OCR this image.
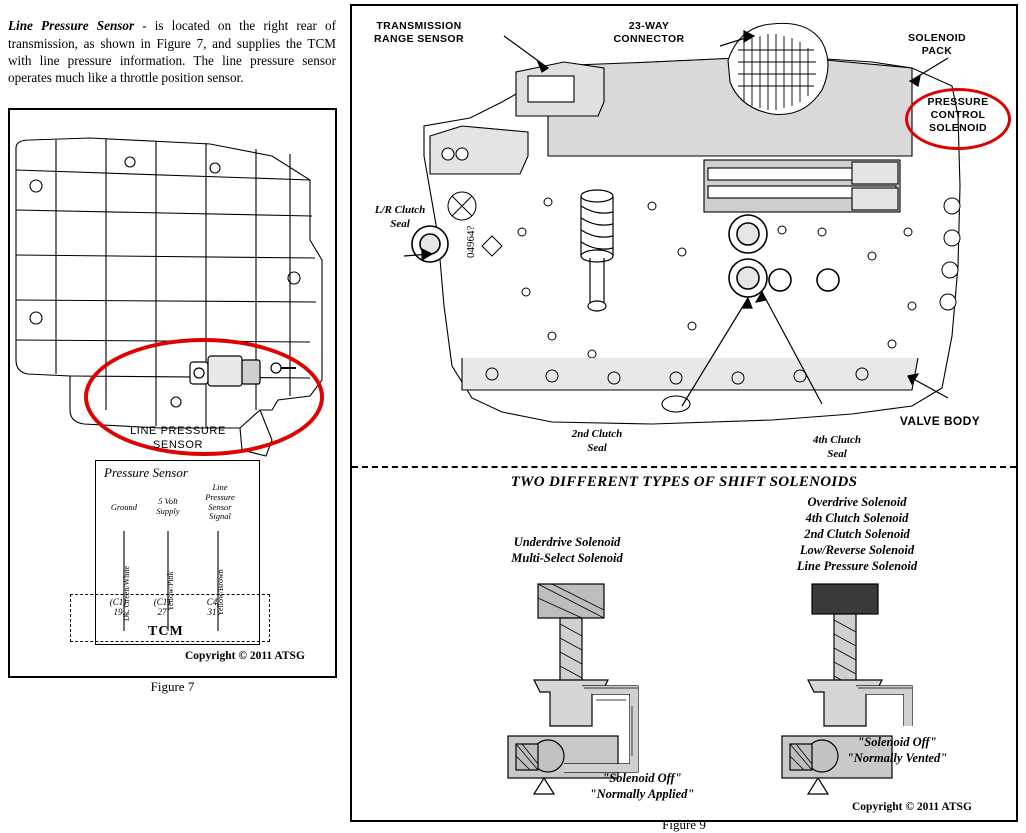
Line Pressure Sensor - is located on the right rear of transmission, as shown in Figure 7, and supplies the TCM with line pressure information. The line pressure sensor operates much like a throttle position sensor.

LINE PRESSURE
SENSOR
Pressure Sensor
Ground
5 Volt
Supply
Line
Pressure
Sensor
Signal
Dk. Green/White	Yellow/Pink	Yellow/Brown
(C1)
19
(C1)
27
C4
31
TCM
Copyright © 2011 ATSG
Figure 7
04964?
TRANSMISSION
RANGE SENSOR
23-WAY
CONNECTOR	SOLENOID
PACK
PRESSURE
CONTROL
SOLENOID
L/R Clutch
Seal
2nd Clutch
Seal
4th Clutch
Seal
VALVE BODY
TWO DIFFERENT TYPES OF SHIFT SOLENOIDS
Underdrive Solenoid
Multi-Select Solenoid
Overdrive Solenoid
4th Clutch Solenoid
2nd Clutch Solenoid
Low/Reverse Solenoid
Line Pressure Solenoid
"Solenoid Off"
"Normally Applied"
"Solenoid Off"
"Normally Vented"
Copyright © 2011 ATSG
Figure 9
